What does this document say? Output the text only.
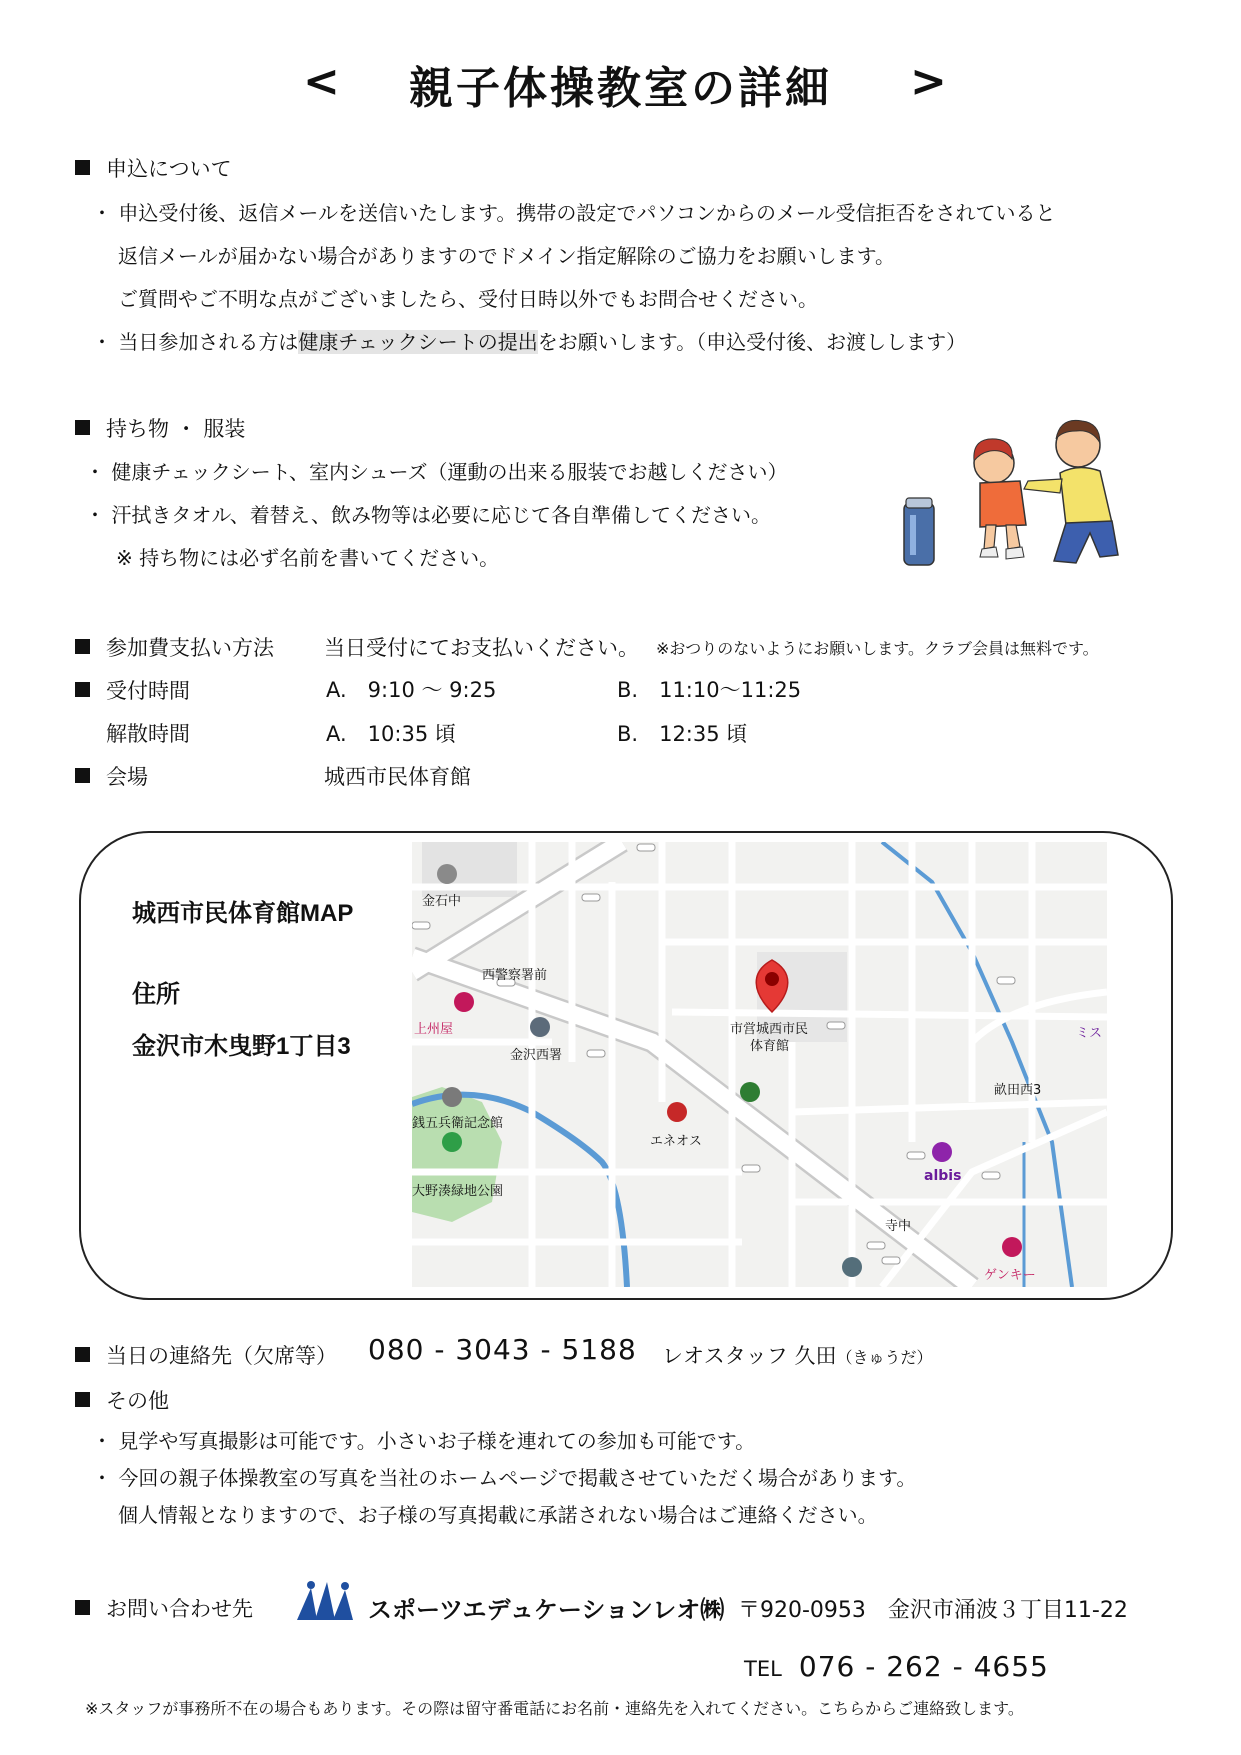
<	親子体操教室の詳細	>
申込について
・ 申込受付後、返信メールを送信いたします。携帯の設定でパソコンからのメール受信拒否をされていると
返信メールが届かない場合がありますのでドメイン指定解除のご協力をお願いします。
ご質問やご不明な点がございましたら、受付日時以外でもお問合せください。
・ 当日参加される方は健康チェックシートの提出をお願いします。（申込受付後、お渡しします）
持ち物 ・ 服装
・ 健康チェックシート、室内シューズ（運動の出来る服装でお越しください）
・ 汗拭きタオル、着替え、飲み物等は必要に応じて各自準備してください。
※ 持ち物には必ず名前を書いてください。
参加費支払い方法 当日受付にてお支払いください。 ※おつりのないようにお願いします。クラブ会員は無料です。
受付時間	A.　9:10 ～ 9:25	B.　11:10～11:25
解散時間	A.　10:35 頃	B.　12:35 頃
会場	城西市民体育館
城西市民体育館MAP
住所
金沢市木曳野1丁目3
金石中
西警察署前
上州屋
金沢西署
市営城西市民
体育館
銭五兵衛記念館
エネオス
大野湊緑地公園
畝田西3
albis
寺中
ゲンキー
ミス
当日の連絡先（欠席等） 080 - 3043 - 5188 レオスタッフ 久田（きゅうだ）
その他
・ 見学や写真撮影は可能です。小さいお子様を連れての参加も可能です。
・ 今回の親子体操教室の写真を当社のホームページで掲載させていただく場合があります。
個人情報となりますので、お子様の写真掲載に承諾されない場合はご連絡ください。
お問い合わせ先	スポーツエデュケーションレオ㈱ 〒920-0953　金沢市涌波３丁目11-22
TEL 076 - 262 - 4655
※スタッフが事務所不在の場合もあります。その際は留守番電話にお名前・連絡先を入れてください。こちらからご連絡致します。
